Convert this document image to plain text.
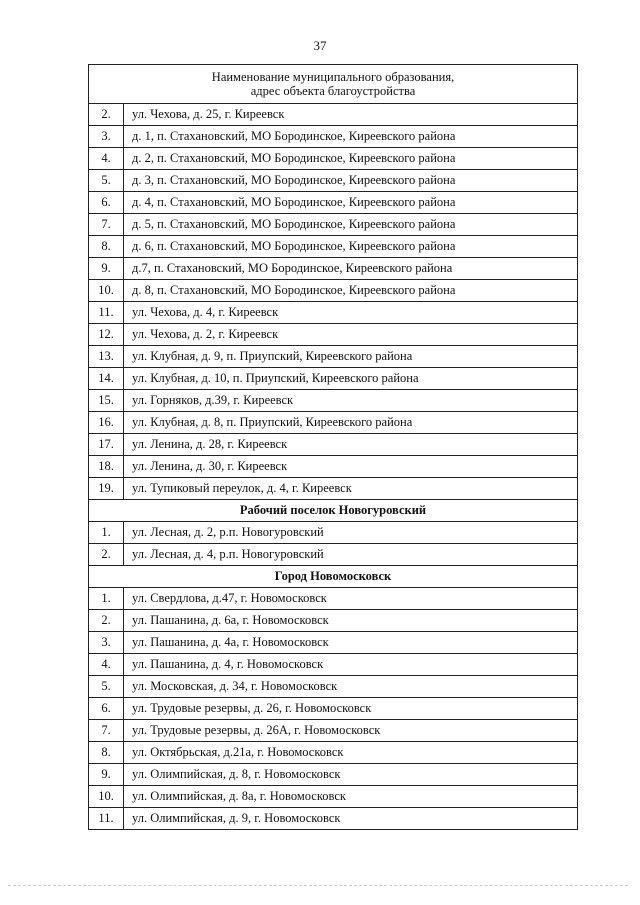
37
Наименование муниципального образования,
адрес объекта благоустройства	
2.	ул. Чехова, д. 25, г. Киреевск
3.	д. 1, п. Стахановский, МО Бородинское, Киреевского района
4.	д. 2, п. Стахановский, МО Бородинское, Киреевского района
5.	д. 3, п. Стахановский, МО Бородинское, Киреевского района
6.	д. 4, п. Стахановский, МО Бородинское, Киреевского района
7.	д. 5, п. Стахановский, МО Бородинское, Киреевского района
8.	д. 6, п. Стахановский, МО Бородинское, Киреевского района
9.	д.7, п. Стахановский, МО Бородинское, Киреевского района
10.	д. 8, п. Стахановский, МО Бородинское, Киреевского района
11.	ул. Чехова, д. 4, г. Киреевск
12.	ул. Чехова, д. 2, г. Киреевск
13.	ул. Клубная, д. 9, п. Приупский, Киреевского района
14.	ул. Клубная, д. 10, п. Приупский, Киреевского района
15.	ул. Горняков, д.39, г. Киреевск
16.	ул. Клубная, д. 8, п. Приупский, Киреевского района
17.	ул. Ленина, д. 28, г. Киреевск
18.	ул. Ленина, д. 30, г. Киреевск
19.	ул. Тупиковый переулок, д. 4, г. Киреевск
Рабочий поселок Новогуровский	
1.	ул. Лесная, д. 2, р.п. Новогуровский
2.	ул. Лесная, д. 4, р.п. Новогуровский
Город Новомосковск	
1.	ул. Свердлова, д.47, г. Новомосковск
2.	ул. Пашанина, д. 6а, г. Новомосковск
3.	ул. Пашанина, д. 4а, г. Новомосковск
4.	ул. Пашанина, д. 4, г. Новомосковск
5.	ул. Московская, д. 34, г. Новомосковск
6.	ул. Трудовые резервы, д. 26, г. Новомосковск
7.	ул. Трудовые резервы, д. 26А, г. Новомосковск
8.	ул. Октябрьская, д.21а, г. Новомосковск
9.	ул. Олимпийская, д. 8, г. Новомосковск
10.	ул. Олимпийская, д. 8а, г. Новомосковск
11.	ул. Олимпийская, д. 9, г. Новомосковск
